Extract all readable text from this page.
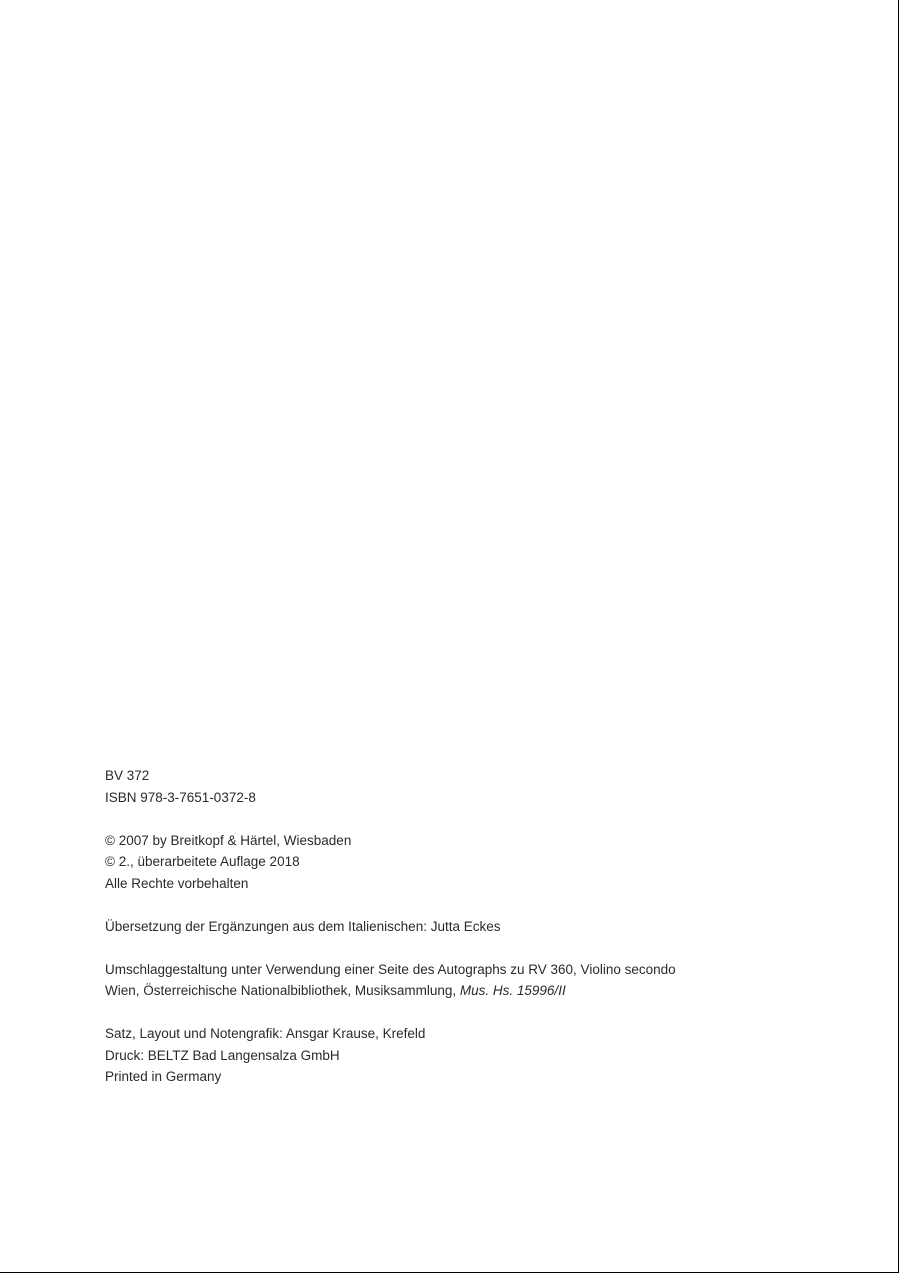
BV 372
ISBN 978-3-7651-0372-8
© 2007 by Breitkopf & Härtel, Wiesbaden
© 2., überarbeitete Auflage 2018
Alle Rechte vorbehalten
Übersetzung der Ergänzungen aus dem Italienischen: Jutta Eckes
Umschlaggestaltung unter Verwendung einer Seite des Autographs zu RV 360, Violino secondo
Wien, Österreichische Nationalbibliothek, Musiksammlung, Mus. Hs. 15996/II
Satz, Layout und Notengrafik: Ansgar Krause, Krefeld
Druck: BELTZ Bad Langensalza GmbH
Printed in Germany
